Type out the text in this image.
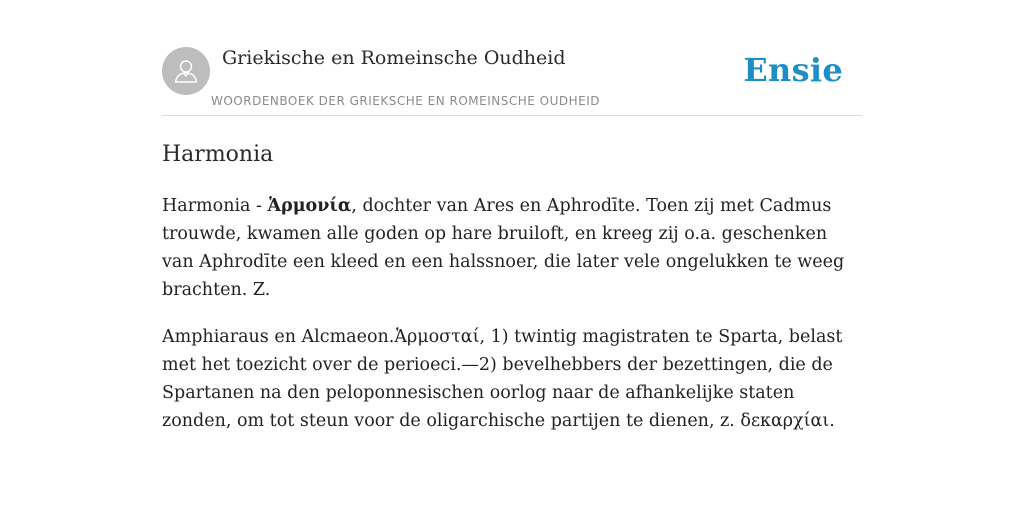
Griekische en Romeinsche Oudheid
WOORDENBOEK DER GRIEKSCHE EN ROMEINSCHE OUDHEID
Ensie
Harmonia

Harmonia - Ἁρμονία, dochter van Ares en Aphrodīte. Toen zij met Cadmus trouwde, kwamen alle goden op hare bruiloft, en kreeg zij o.a. geschenken van Aphrodīte een kleed en een halssnoer, die later vele ongelukken te weeg brachten. Z.

Amphiaraus en Alcmaeon.Ἁρμοσταί, 1) twintig magistraten te Sparta, belast met het toezicht over de perioeci.—2) bevelhebbers der bezettingen, die de Spartanen na den peloponnesischen oorlog naar de afhankelijke staten zonden, om tot steun voor de oligarchische partijen te dienen, z. δεκαρχίαι.
